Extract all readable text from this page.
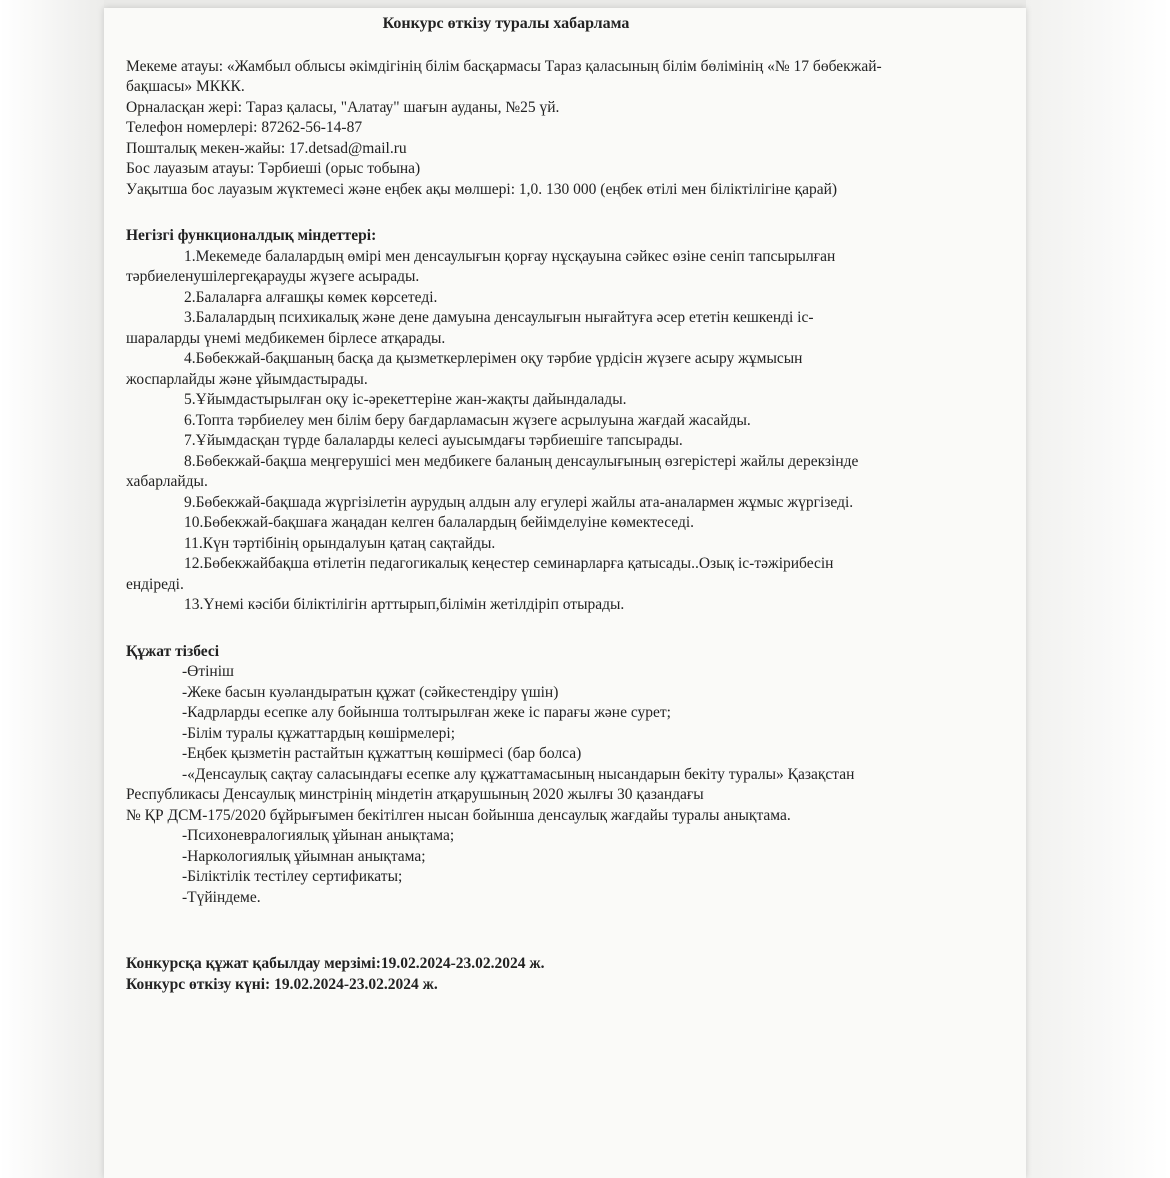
Конкурс өткізу туралы хабарлама

Мекеме атауы: «Жамбыл облысы әкімдігінің білім басқармасы Тараз қаласының білім бөлімінің «№ 17 бөбекжай-бақшасы» МККК.

Орналасқан жері: Тараз қаласы, "Алатау" шағын ауданы, №25 үй.

Телефон номерлері: 87262-56-14-87

Пошталық мекен-жайы: 17.detsad@mail.ru

Бос лауазым атауы: Тәрбиеші (орыс тобына)

Уақытша бос лауазым жүктемесі және еңбек ақы мөлшері: 1,0. 130 000 (еңбек өтілі мен біліктілігіне қарай)

Негізгі функционалдық міндеттері:

1.Мекемеде балалардың өмірі мен денсаулығын қорғау нұсқауына сәйкес өзіне сеніп тапсырылған тәрбиеленушілергеқарауды жүзеге асырады.

2.Балаларға алғашқы көмек көрсетеді.

3.Балалардың психикалық және дене дамуына денсаулығын нығайтуға әсер ететін кешкенді іс-шараларды үнемі медбикемен бірлесе атқарады.

4.Бөбекжай-бақшаның басқа да қызметкерлерімен оқу тәрбие үрдісін жүзеге асыру жұмысын жоспарлайды және ұйымдастырады.

5.Ұйымдастырылған оқу іс-әрекеттеріне жан-жақты дайындалады.

6.Топта тәрбиелеу мен білім беру бағдарламасын жүзеге асрылуына жағдай жасайды.

7.Ұйымдасқан түрде балаларды келесі ауысымдағы тәрбиешіге тапсырады.

8.Бөбекжай-бақша меңгерушісі мен медбикеге баланың денсаулығының өзгерістері жайлы дерекзінде хабарлайды.

9.Бөбекжай-бақшада жүргізілетін аурудың алдын алу егулері жайлы ата-аналармен жұмыс жүргізеді.

10.Бөбекжай-бақшаға жаңадан келген балалардың бейімделуіне көмектеседі.

11.Күн тәртібінің орындалуын қатаң сақтайды.

12.Бөбекжайбақша өтілетін педагогикалық кеңестер семинарларға қатысады..Озық іс-тәжірибесін ендіреді.

13.Үнемі кәсіби біліктілігін арттырып,білімін жетілдіріп отырады.

Құжат тізбесі

-Өтініш

-Жеке басын куәландыратын құжат (сәйкестендіру үшін)

-Кадрларды есепке алу бойынша толтырылған жеке іс парағы және сурет;

-Білім туралы құжаттардың көшірмелері;

-Еңбек қызметін растайтын құжаттың көшірмесі (бар болса)

-«Денсаулық сақтау саласындағы есепке алу құжаттамасының нысандарын бекіту туралы» Қазақстан Республикасы Денсаулық минстрінің міндетін атқарушының 2020 жылғы 30 қазандағы

№ ҚР ДСМ-175/2020 бұйрығымен бекітілген нысан бойынша денсаулық жағдайы туралы анықтама.

-Психоневралогиялық ұйынан анықтама;

-Наркологиялық ұйымнан анықтама;

-Біліктілік тестілеу сертификаты;

-Түйіндеме.

Конкурсқа құжат қабылдау мерзімі:19.02.2024-23.02.2024 ж.

Конкурс өткізу күні: 19.02.2024-23.02.2024 ж.
